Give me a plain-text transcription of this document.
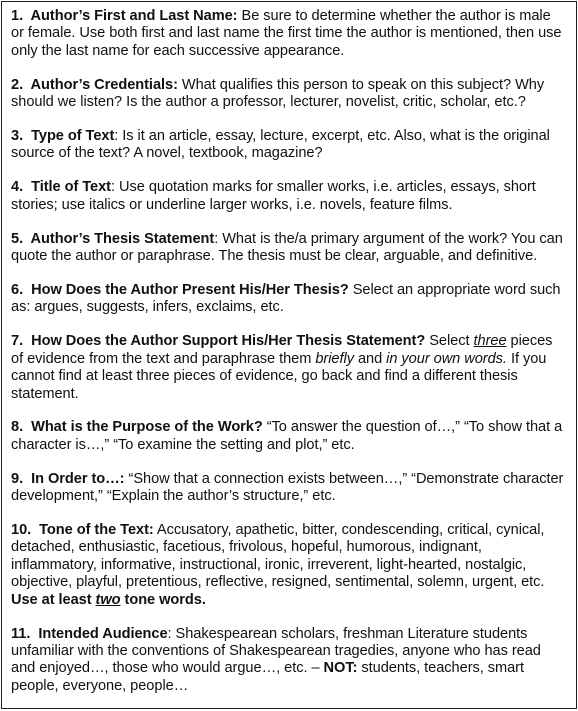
1. Author’s First and Last Name: Be sure to determine whether the author is male or female. Use both first and last name the first time the author is mentioned, then use only the last name for each successive appearance.

2. Author’s Credentials: What qualifies this person to speak on this subject? Why should we listen? Is the author a professor, lecturer, novelist, critic, scholar, etc.?

3. Type of Text: Is it an article, essay, lecture, excerpt, etc. Also, what is the original source of the text? A novel, textbook, magazine?

4. Title of Text: Use quotation marks for smaller works, i.e. articles, essays, short stories; use italics or underline larger works, i.e. novels, feature films.

5. Author’s Thesis Statement: What is the/a primary argument of the work? You can quote the author or paraphrase. The thesis must be clear, arguable, and definitive.

6. How Does the Author Present His/Her Thesis? Select an appropriate word such as: argues, suggests, infers, exclaims, etc.

7. How Does the Author Support His/Her Thesis Statement? Select three pieces of evidence from the text and paraphrase them briefly and in your own words. If you cannot find at least three pieces of evidence, go back and find a different thesis statement.

8. What is the Purpose of the Work? “To answer the question of…,” “To show that a character is…,” “To examine the setting and plot,” etc.

9. In Order to…: “Show that a connection exists between…,” “Demonstrate character development,” “Explain the author’s structure,” etc.

10. Tone of the Text: Accusatory, apathetic, bitter, condescending, critical, cynical, detached, enthusiastic, facetious, frivolous, hopeful, humorous, indignant, inflammatory, informative, instructional, ironic, irreverent, light-hearted, nostalgic, objective, playful, pretentious, reflective, resigned, sentimental, solemn, urgent, etc. Use at least two tone words.

11. Intended Audience: Shakespearean scholars, freshman Literature students unfamiliar with the conventions of Shakespearean tragedies, anyone who has read and enjoyed…, those who would argue…, etc. – NOT: students, teachers, smart people, everyone, people…
